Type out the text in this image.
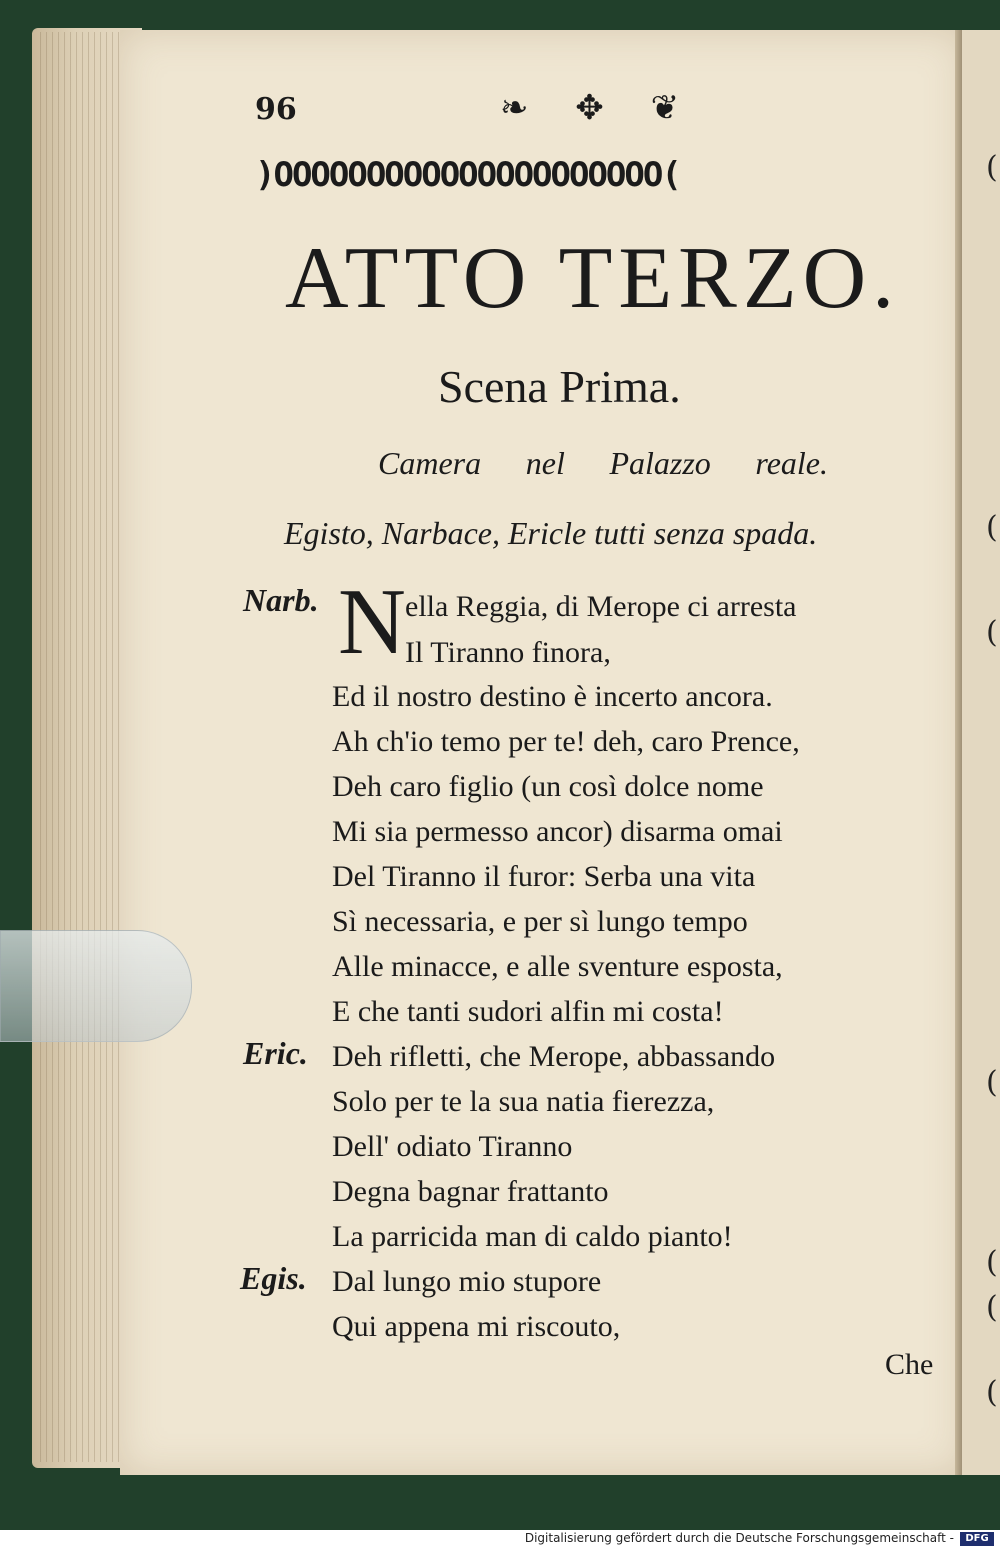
(
(
(
(
(
(
(
96	❧ ✥ ❦
)OOOOOOOOOOOOOOOOOOOOO(
ATTO TERZO.
Scena Prima.
Camera nel Palazzo reale.
Egisto, Narbace, Ericle tutti senza spada.
Narb. N ella Reggia, di Merope ci arresta
Il Tiranno finora,
Ed il nostro destino è incerto ancora.
Ah ch'io temo per te! deh, caro Prence,
Deh caro figlio (un così dolce nome
Mi sia permesso ancor) disarma omai
Del Tiranno il furor: Serba una vita
Sì necessaria, e per sì lungo tempo
Alle minacce, e alle sventure esposta,
E che tanti sudori alfin mi costa!
Eric. Deh rifletti, che Merope, abbassando
Solo per te la sua natia fierezza,
Dell' odiato Tiranno
Degna bagnar frattanto
La parricida man di caldo pianto!
Egis. Dal lungo mio stupore
Qui appena mi riscouto,
Che
Digitalisierung gefördert durch die Deutsche Forschungsgemeinschaft -	DFG
